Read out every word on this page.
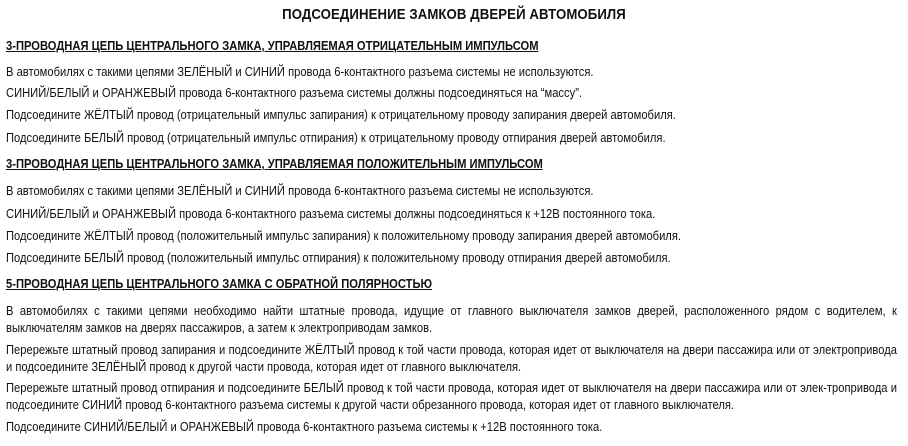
ПОДСОЕДИНЕНИЕ ЗАМКОВ ДВЕРЕЙ АВТОМОБИЛЯ
3-ПРОВОДНАЯ ЦЕПЬ ЦЕНТРАЛЬНОГО ЗАМКА, УПРАВЛЯЕМАЯ ОТРИЦАТЕЛЬНЫМ ИМПУЛЬСОМ
В автомобилях с такими цепями ЗЕЛЁНЫЙ и СИНИЙ провода 6-контактного разъема системы не используются.
СИНИЙ/БЕЛЫЙ и ОРАНЖЕВЫЙ провода 6-контактного разъема системы должны подсоединяться на “массу”.
Подсоедините ЖЁЛТЫЙ провод (отрицательный импульс запирания) к отрицательному проводу запирания дверей автомобиля.
Подсоедините БЕЛЫЙ провод (отрицательный импульс отпирания) к отрицательному проводу отпирания дверей автомобиля.
3-ПРОВОДНАЯ ЦЕПЬ ЦЕНТРАЛЬНОГО ЗАМКА, УПРАВЛЯЕМАЯ ПОЛОЖИТЕЛЬНЫМ ИМПУЛЬСОМ
В автомобилях с такими цепями ЗЕЛЁНЫЙ и СИНИЙ провода 6-контактного разъема системы не используются.
СИНИЙ/БЕЛЫЙ и ОРАНЖЕВЫЙ провода 6-контактного разъема системы должны подсоединяться к +12В постоянного тока.
Подсоедините ЖЁЛТЫЙ провод (положительный импульс запирания) к положительному проводу запирания дверей автомобиля.
Подсоедините БЕЛЫЙ провод (положительный импульс отпирания) к положительному проводу отпирания дверей автомобиля.
5-ПРОВОДНАЯ ЦЕПЬ ЦЕНТРАЛЬНОГО ЗАМКА С ОБРАТНОЙ ПОЛЯРНОСТЬЮ
В автомобилях с такими цепями необходимо найти штатные провода, идущие от главного выключателя замков дверей, расположенного рядом с водителем, к выключателям замков на дверях пассажиров, а затем к электроприводам замков.
Перережьте штатный провод запирания и подсоедините ЖЁЛТЫЙ провод к той части провода, которая идет от выключателя на двери пассажира или от электропривода и подсоедините ЗЕЛЁНЫЙ провод к другой части провода, которая идет от главного выключателя.
Перережьте штатный провод отпирания и подсоедините БЕЛЫЙ провод к той части провода, которая идет от выключателя на двери пассажира или от элек-тропривода и подсоедините СИНИЙ провод 6-контактного разъема системы к другой части обрезанного провода, которая идет от главного выключателя.
Подсоедините СИНИЙ/БЕЛЫЙ и ОРАНЖЕВЫЙ провода 6-контактного разъема системы к +12В постоянного тока.
